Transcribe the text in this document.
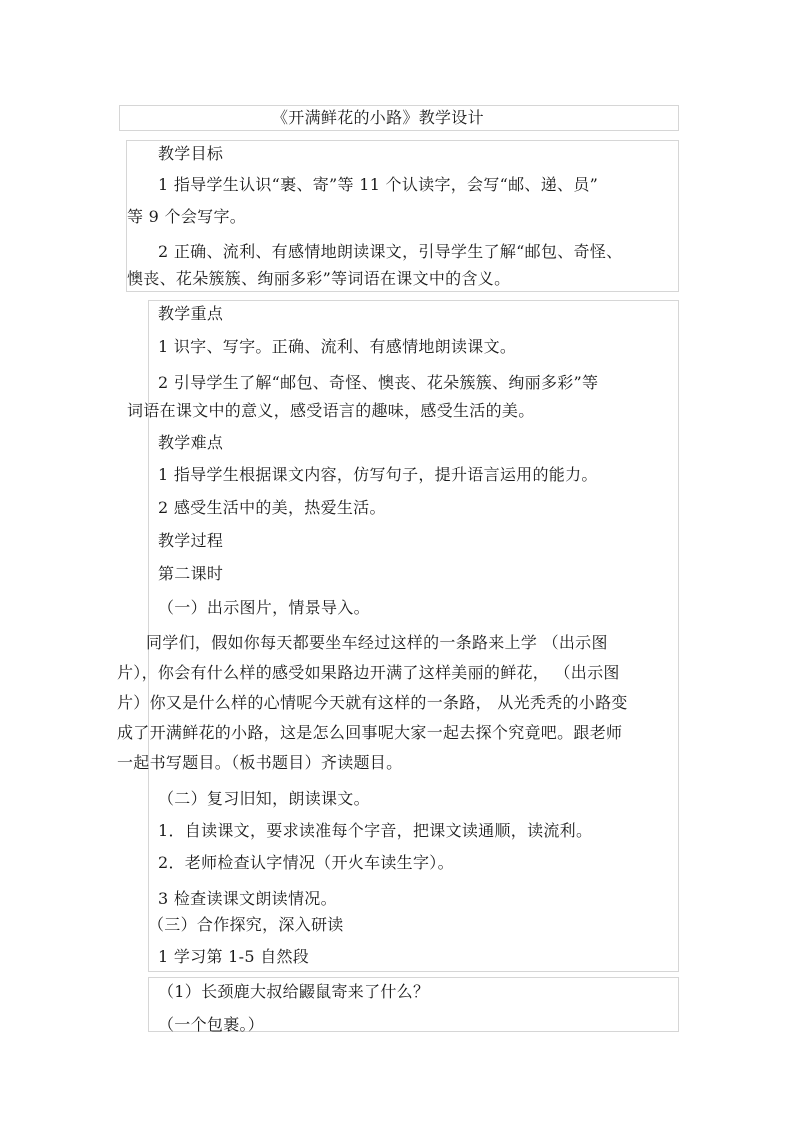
《开满鲜花的小路》教学设计
教学目标
1 指导学生认识“裹、寄”等 11 个认读字，会写“邮、递、员”
等 9 个会写字。
2 正确、流利、有感情地朗读课文，引导学生了解“邮包、奇怪、
懊丧、花朵簇簇、绚丽多彩”等词语在课文中的含义。
教学重点
1 识字、写字。正确、流利、有感情地朗读课文。
2 引导学生了解“邮包、奇怪、懊丧、花朵簇簇、绚丽多彩”等
词语在课文中的意义，感受语言的趣味，感受生活的美。
教学难点
1 指导学生根据课文内容，仿写句子，提升语言运用的能力。
2 感受生活中的美，热爱生活。
教学过程
第二课时
（一）出示图片，情景导入。
同学们，假如你每天都要坐车经过这样的一条路来上学 （出示图
片），你会有什么样的感受如果路边开满了这样美丽的鲜花， （出示图
片）你又是什么样的心情呢今天就有这样的一条路， 从光秃秃的小路变
成了开满鲜花的小路，这是怎么回事呢大家一起去探个究竟吧。跟老师
一起书写题目。（板书题目）齐读题目。
（二）复习旧知，朗读课文。
1．自读课文，要求读准每个字音，把课文读通顺，读流利。
2．老师检查认字情况（开火车读生字）。
3 检查读课文朗读情况。
（三）合作探究，深入研读
1 学习第 1-5 自然段
（1）长颈鹿大叔给鼹鼠寄来了什么？
（一个包裹。）
